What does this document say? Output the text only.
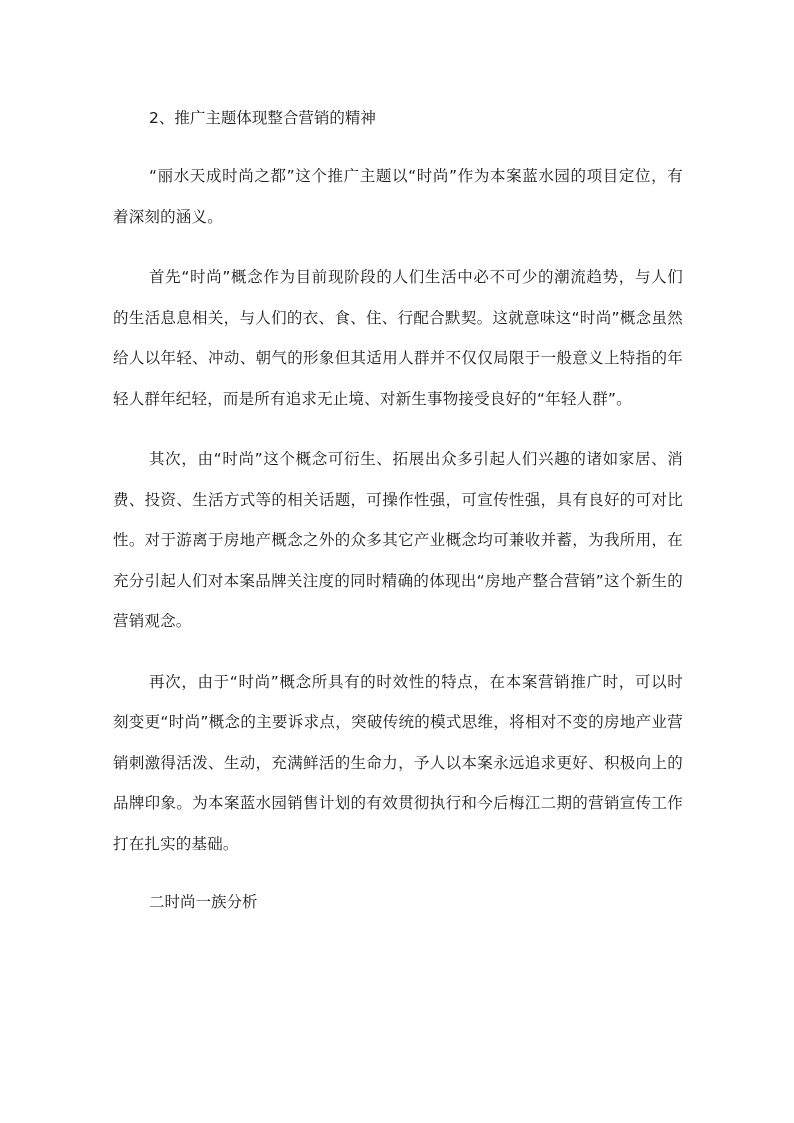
2、推广主题体现整合营销的精神

“丽水天成时尚之都”这个推广主题以“时尚”作为本案蓝水园的项目定位，有着深刻的涵义。

首先“时尚”概念作为目前现阶段的人们生活中必不可少的潮流趋势，与人们的生活息息相关，与人们的衣、食、住、行配合默契。这就意味这“时尚”概念虽然给人以年轻、冲动、朝气的形象但其适用人群并不仅仅局限于一般意义上特指的年轻人群年纪轻，而是所有追求无止境、对新生事物接受良好的“年轻人群”。

其次，由“时尚”这个概念可衍生、拓展出众多引起人们兴趣的诸如家居、消费、投资、生活方式等的相关话题，可操作性强，可宣传性强，具有良好的可对比性。对于游离于房地产概念之外的众多其它产业概念均可兼收并蓄，为我所用，在充分引起人们对本案品牌关注度的同时精确的体现出“房地产整合营销”这个新生的营销观念。

再次，由于“时尚”概念所具有的时效性的特点，在本案营销推广时，可以时刻变更“时尚”概念的主要诉求点，突破传统的模式思维，将相对不变的房地产业营销刺激得活泼、生动，充满鲜活的生命力，予人以本案永远追求更好、积极向上的品牌印象。为本案蓝水园销售计划的有效贯彻执行和今后梅江二期的营销宣传工作打在扎实的基础。

二时尚一族分析
